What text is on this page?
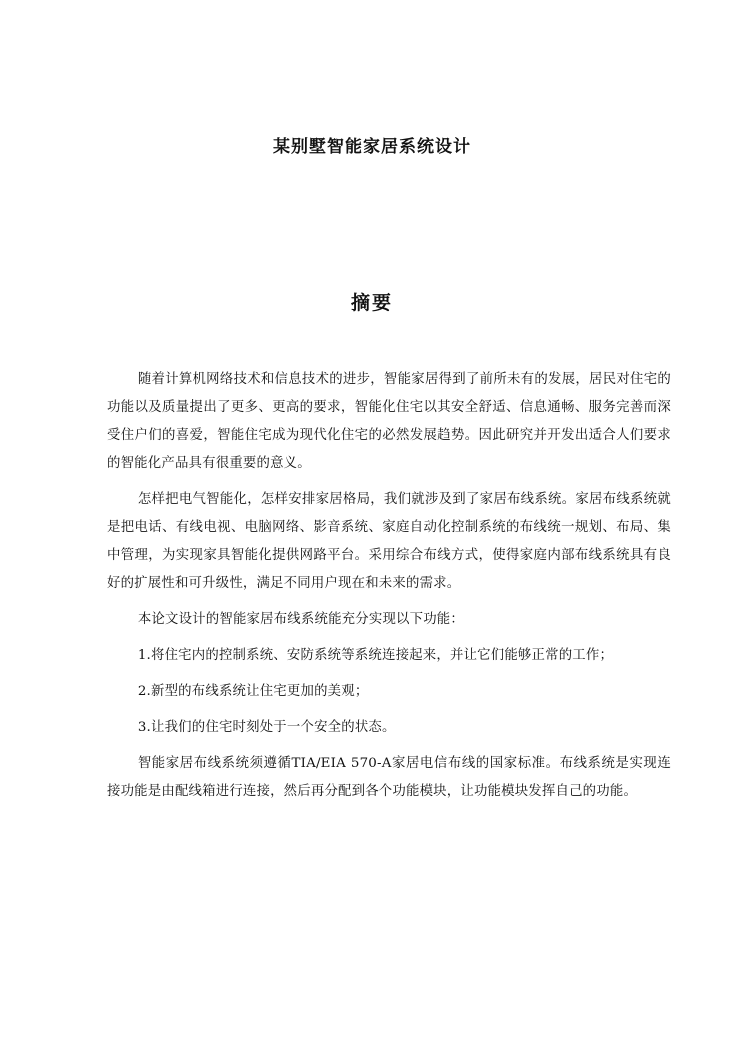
某别墅智能家居系统设计
摘要

随着计算机网络技术和信息技术的进步，智能家居得到了前所未有的发展，居民对住宅的功能以及质量提出了更多、更高的要求，智能化住宅以其安全舒适、信息通畅、服务完善而深受住户们的喜爱，智能住宅成为现代化住宅的必然发展趋势。因此研究并开发出适合人们要求的智能化产品具有很重要的意义。

怎样把电气智能化，怎样安排家居格局，我们就涉及到了家居布线系统。家居布线系统就是把电话、有线电视、电脑网络、影音系统、家庭自动化控制系统的布线统一规划、布局、集中管理，为实现家具智能化提供网路平台。采用综合布线方式，使得家庭内部布线系统具有良好的扩展性和可升级性，满足不同用户现在和未来的需求。

本论文设计的智能家居布线系统能充分实现以下功能：

1.将住宅内的控制系统、安防系统等系统连接起来，并让它们能够正常的工作；

2.新型的布线系统让住宅更加的美观；

3.让我们的住宅时刻处于一个安全的状态。

智能家居布线系统须遵循TIA/EIA 570-A家居电信布线的国家标准。布线系统是实现连接功能是由配线箱进行连接，然后再分配到各个功能模块，让功能模块发挥自己的功能。
